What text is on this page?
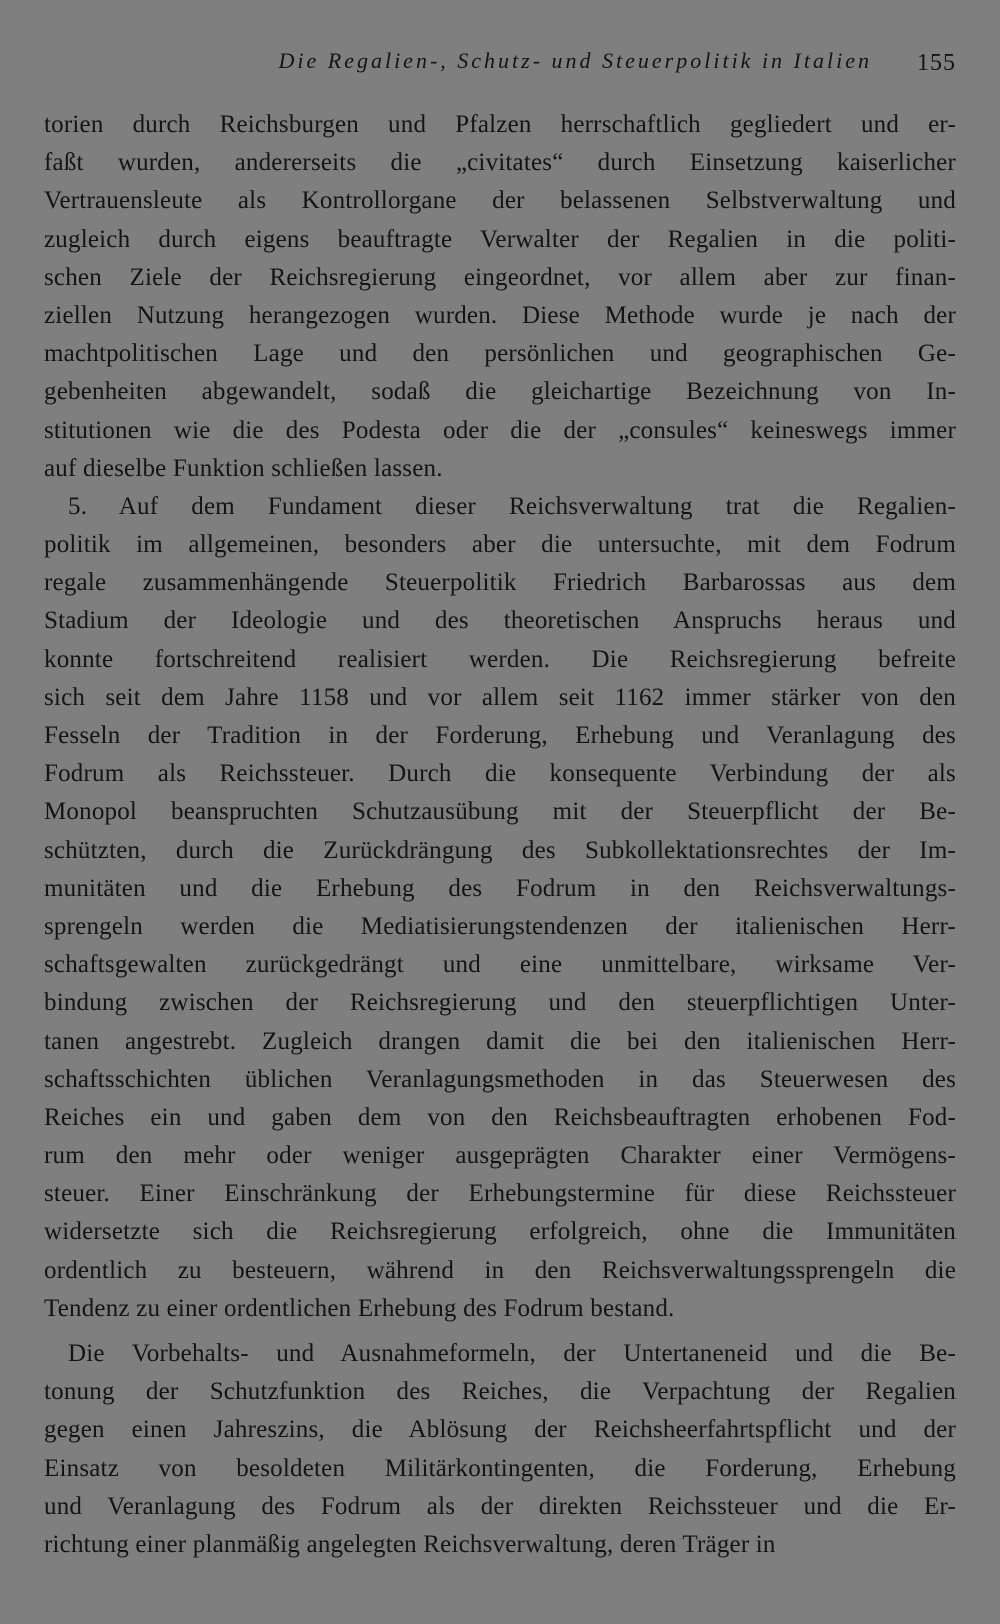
Die Regalien-, Schutz- und Steuerpolitik in Italien 155
torien durch Reichsburgen und Pfalzen herrschaftlich gegliedert und er-
faßt wurden, andererseits die „civitates“ durch Einsetzung kaiserlicher
Vertrauensleute als Kontrollorgane der belassenen Selbstverwaltung und
zugleich durch eigens beauftragte Verwalter der Regalien in die politi-
schen Ziele der Reichsregierung eingeordnet, vor allem aber zur finan-
ziellen Nutzung herangezogen wurden. Diese Methode wurde je nach der
machtpolitischen Lage und den persönlichen und geographischen Ge-
gebenheiten abgewandelt, sodaß die gleichartige Bezeichnung von In-
stitutionen wie die des Podesta oder die der „consules“ keineswegs immer
auf dieselbe Funktion schließen lassen.
5. Auf dem Fundament dieser Reichsverwaltung trat die Regalien-
politik im allgemeinen, besonders aber die untersuchte, mit dem Fodrum
regale zusammenhängende Steuerpolitik Friedrich Barbarossas aus dem
Stadium der Ideologie und des theoretischen Anspruchs heraus und
konnte fortschreitend realisiert werden. Die Reichsregierung befreite
sich seit dem Jahre 1158 und vor allem seit 1162 immer stärker von den
Fesseln der Tradition in der Forderung, Erhebung und Veranlagung des
Fodrum als Reichssteuer. Durch die konsequente Verbindung der als
Monopol beanspruchten Schutzausübung mit der Steuerpflicht der Be-
schützten, durch die Zurückdrängung des Subkollektationsrechtes der Im-
munitäten und die Erhebung des Fodrum in den Reichsverwaltungs-
sprengeln werden die Mediatisierungstendenzen der italienischen Herr-
schaftsgewalten zurückgedrängt und eine unmittelbare, wirksame Ver-
bindung zwischen der Reichsregierung und den steuerpflichtigen Unter-
tanen angestrebt. Zugleich drangen damit die bei den italienischen Herr-
schaftsschichten üblichen Veranlagungsmethoden in das Steuerwesen des
Reiches ein und gaben dem von den Reichsbeauftragten erhobenen Fod-
rum den mehr oder weniger ausgeprägten Charakter einer Vermögens-
steuer. Einer Einschränkung der Erhebungstermine für diese Reichssteuer
widersetzte sich die Reichsregierung erfolgreich, ohne die Immunitäten
ordentlich zu besteuern, während in den Reichsverwaltungssprengeln die
Tendenz zu einer ordentlichen Erhebung des Fodrum bestand.
Die Vorbehalts- und Ausnahmeformeln, der Untertaneneid und die Be-
tonung der Schutzfunktion des Reiches, die Verpachtung der Regalien
gegen einen Jahreszins, die Ablösung der Reichsheerfahrtspflicht und der
Einsatz von besoldeten Militärkontingenten, die Forderung, Erhebung
und Veranlagung des Fodrum als der direkten Reichssteuer und die Er-
richtung einer planmäßig angelegten Reichsverwaltung, deren Träger in
